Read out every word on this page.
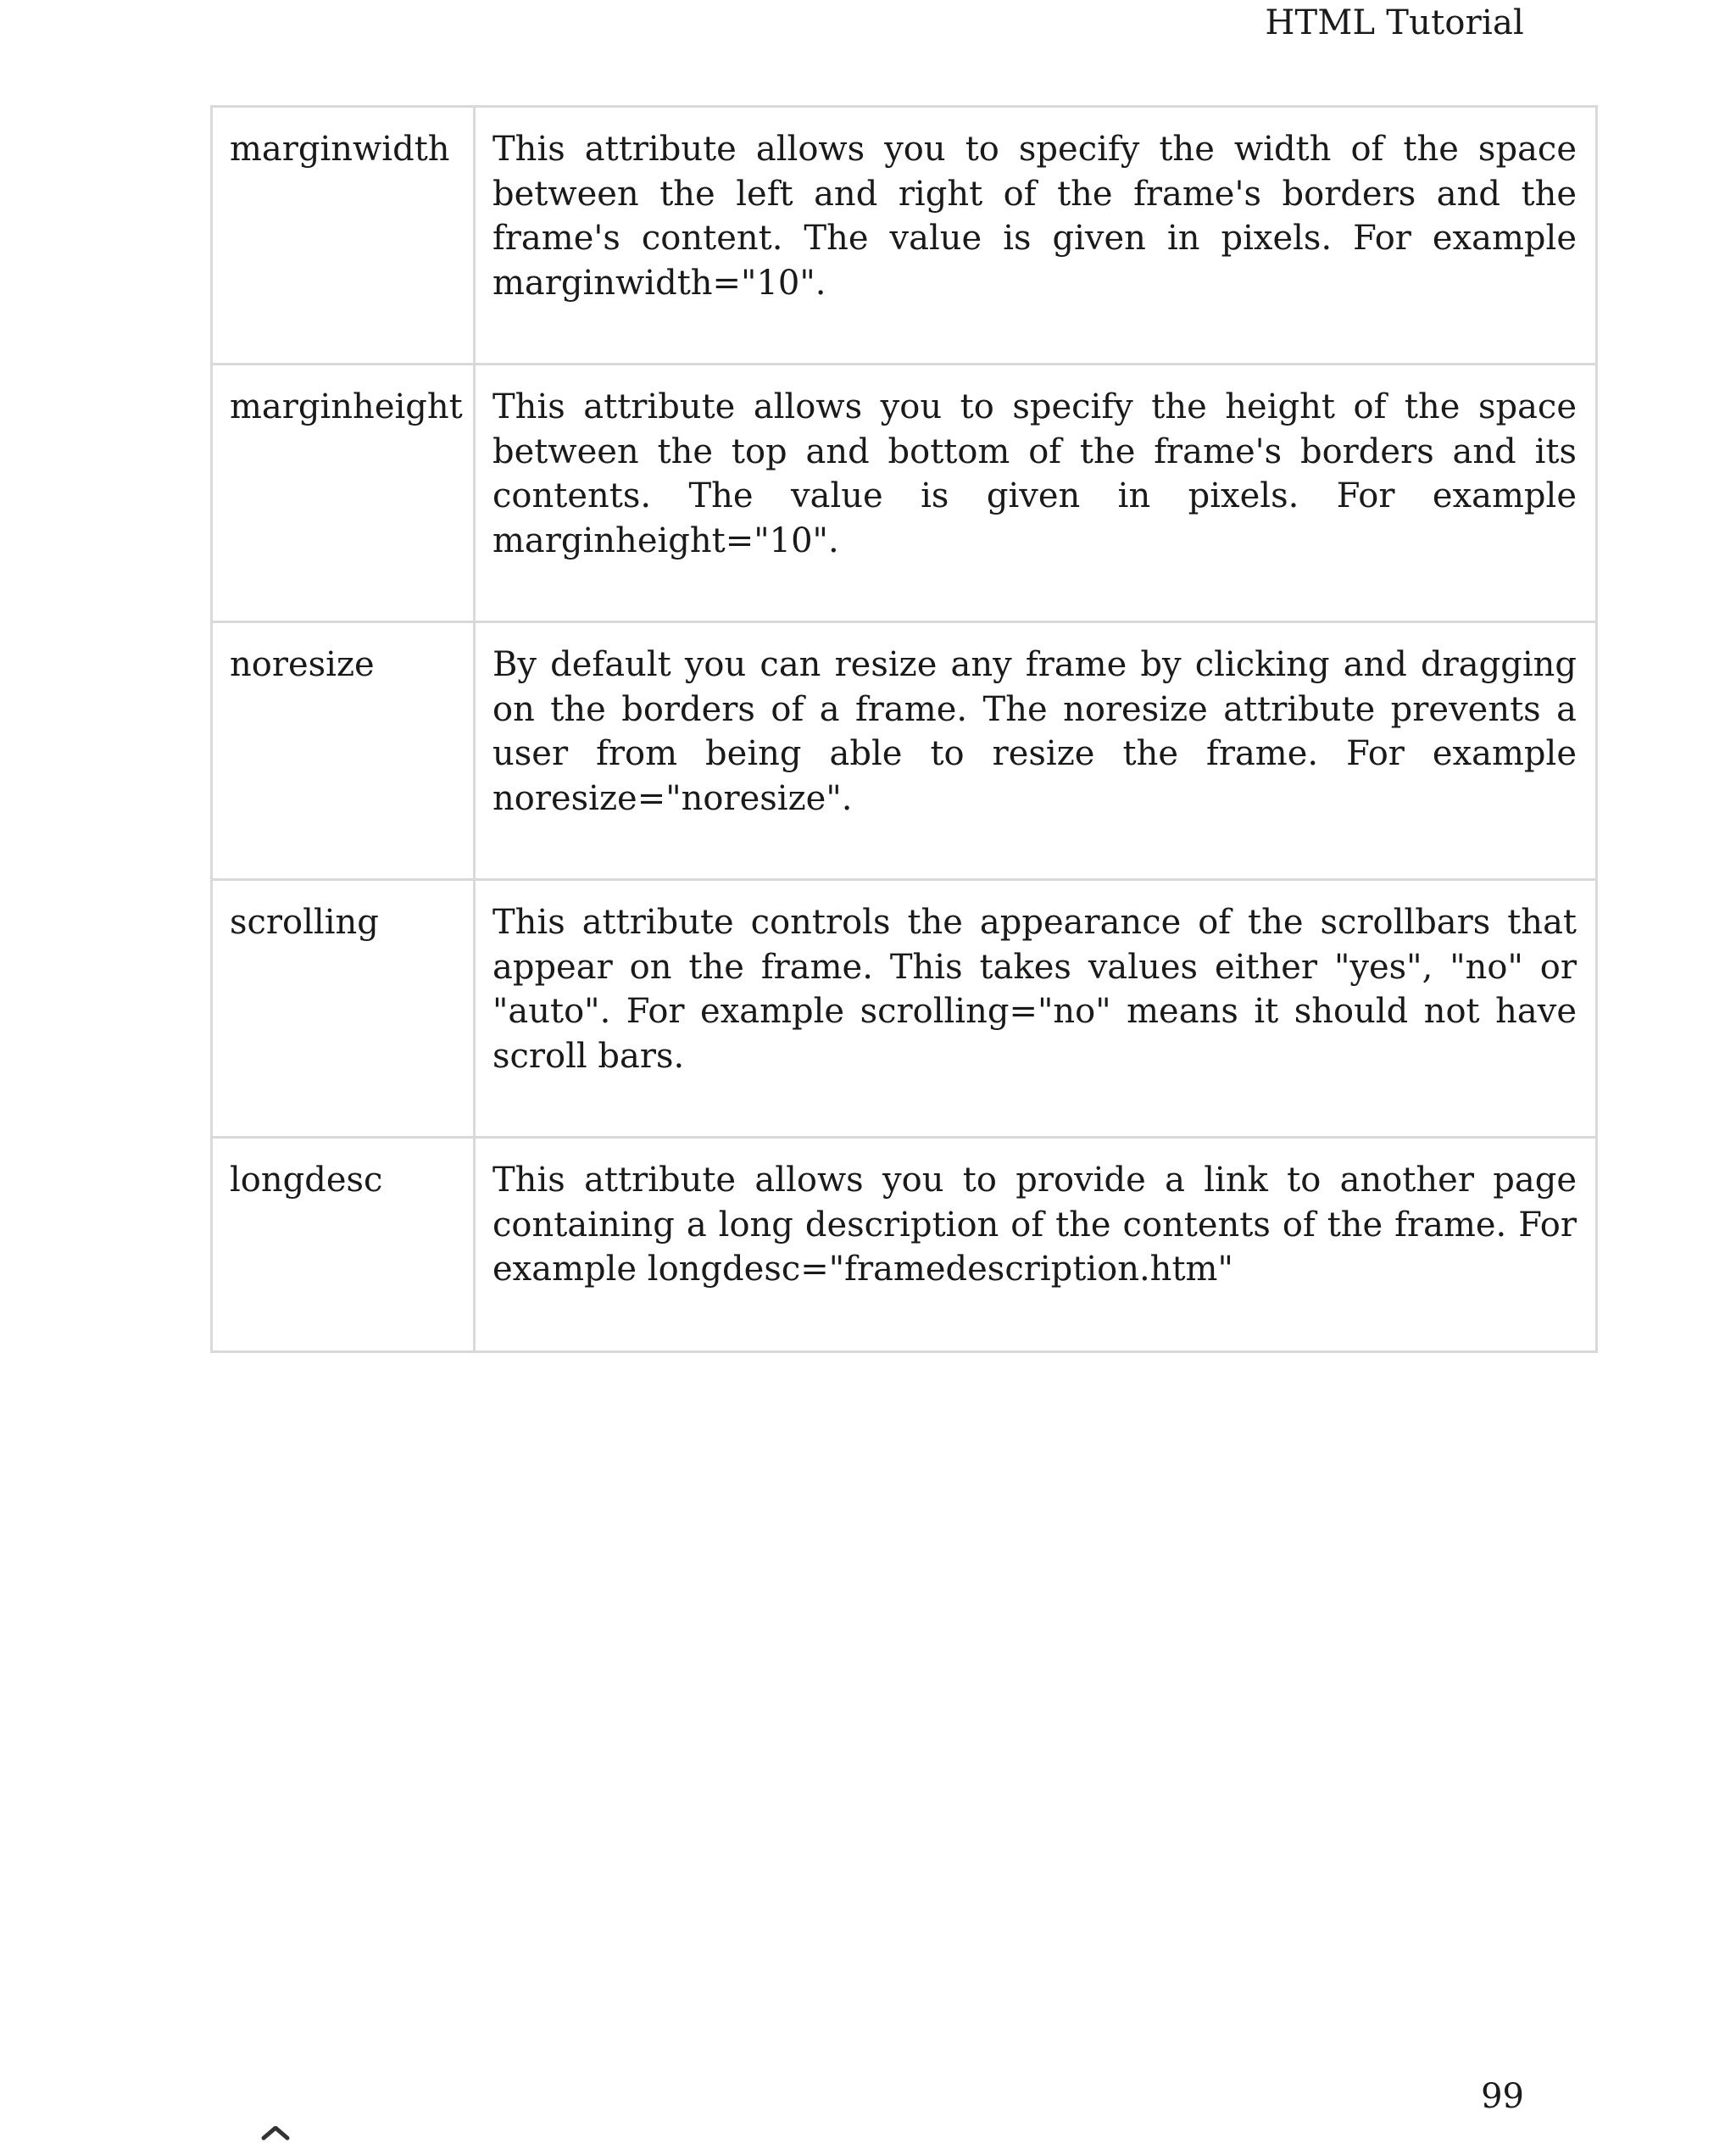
HTML Tutorial
marginwidth	This attribute allows you to specify the width of the space between the left and right of the frame's borders and the frame's content. The value is given in pixels. For example marginwidth="10".
marginheight	This attribute allows you to specify the height of the space between the top and bottom of the frame's borders and its contents. The value is given in pixels. For example marginheight="10".
noresize	By default you can resize any frame by clicking and dragging on the borders of a frame. The noresize attribute prevents a user from being able to resize the frame. For example noresize="noresize".
scrolling	This attribute controls the appearance of the scrollbars that appear on the frame. This takes values either "yes", "no" or "auto". For example scrolling="no" means it should not have scroll bars.
longdesc	This attribute allows you to provide a link to another page containing a long description of the contents of the frame. For example longdesc="framedescription.htm"
99
